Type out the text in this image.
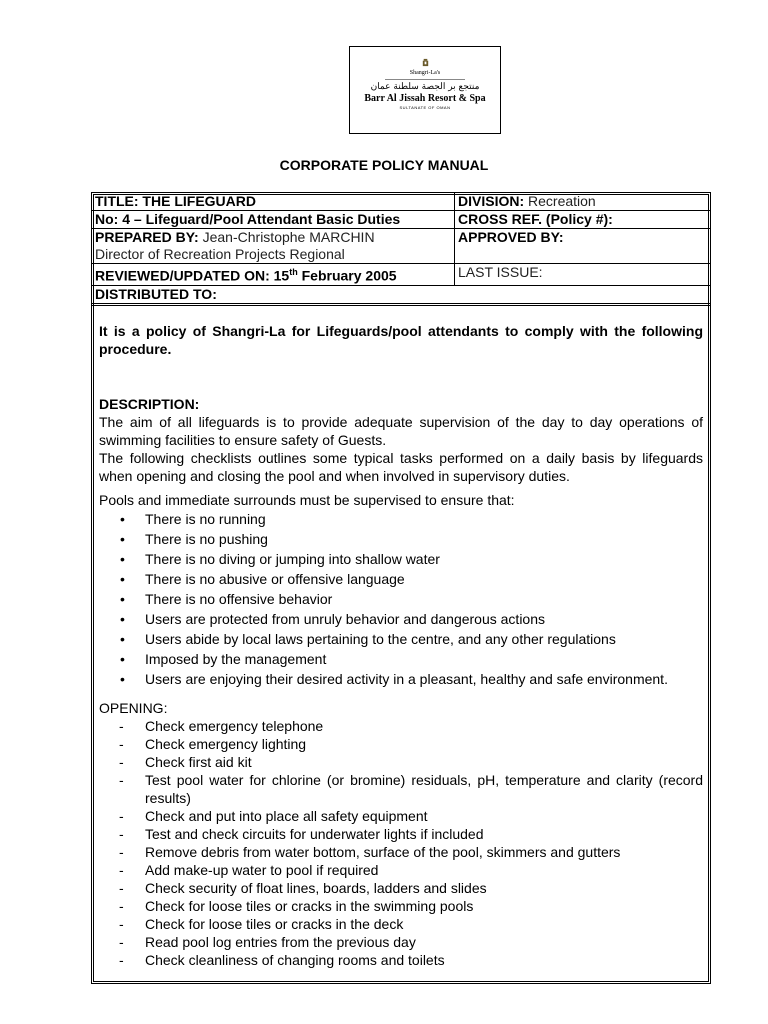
Shangri-La's
منتجع بر الجصة سلطنة عمان
Barr Al Jissah Resort & Spa
SULTANATE OF OMAN
CORPORATE POLICY MANUAL
TITLE: THE LIFEGUARD	DIVISION: Recreation
No: 4 – Lifeguard/Pool Attendant Basic Duties	CROSS REF. (Policy #):
PREPARED BY: Jean-Christophe MARCHIN
Director of Recreation Projects Regional	APPROVED BY:
REVIEWED/UPDATED ON: 15th February 2005	LAST ISSUE:
DISTRIBUTED TO:	

It is a policy of Shangri-La for Lifeguards/pool attendants to comply with the following procedure.

DESCRIPTION:

The aim of all lifeguards is to provide adequate supervision of the day to day operations of swimming facilities to ensure safety of Guests.

The following checklists outlines some typical tasks performed on a daily basis by lifeguards when opening and closing the pool and when involved in supervisory duties.

Pools and immediate surrounds must be supervised to ensure that:

• There is no running
• There is no pushing
• There is no diving or jumping into shallow water
• There is no abusive or offensive language
• There is no offensive behavior
• Users are protected from unruly behavior and dangerous actions
• Users abide by local laws pertaining to the centre, and any other regulations
• Imposed by the management
• Users are enjoying their desired activity in a pleasant, healthy and safe environment.

OPENING:

- Check emergency telephone
- Check emergency lighting
- Check first aid kit
- Test pool water for chlorine (or bromine) residuals, pH, temperature and clarity (record results)
- Check and put into place all safety equipment
- Test and check circuits for underwater lights if included
- Remove debris from water bottom, surface of the pool, skimmers and gutters
- Add make-up water to pool if required
- Check security of float lines, boards, ladders and slides
- Check for loose tiles or cracks in the swimming pools
- Check for loose tiles or cracks in the deck
- Read pool log entries from the previous day
- Check cleanliness of changing rooms and toilets
